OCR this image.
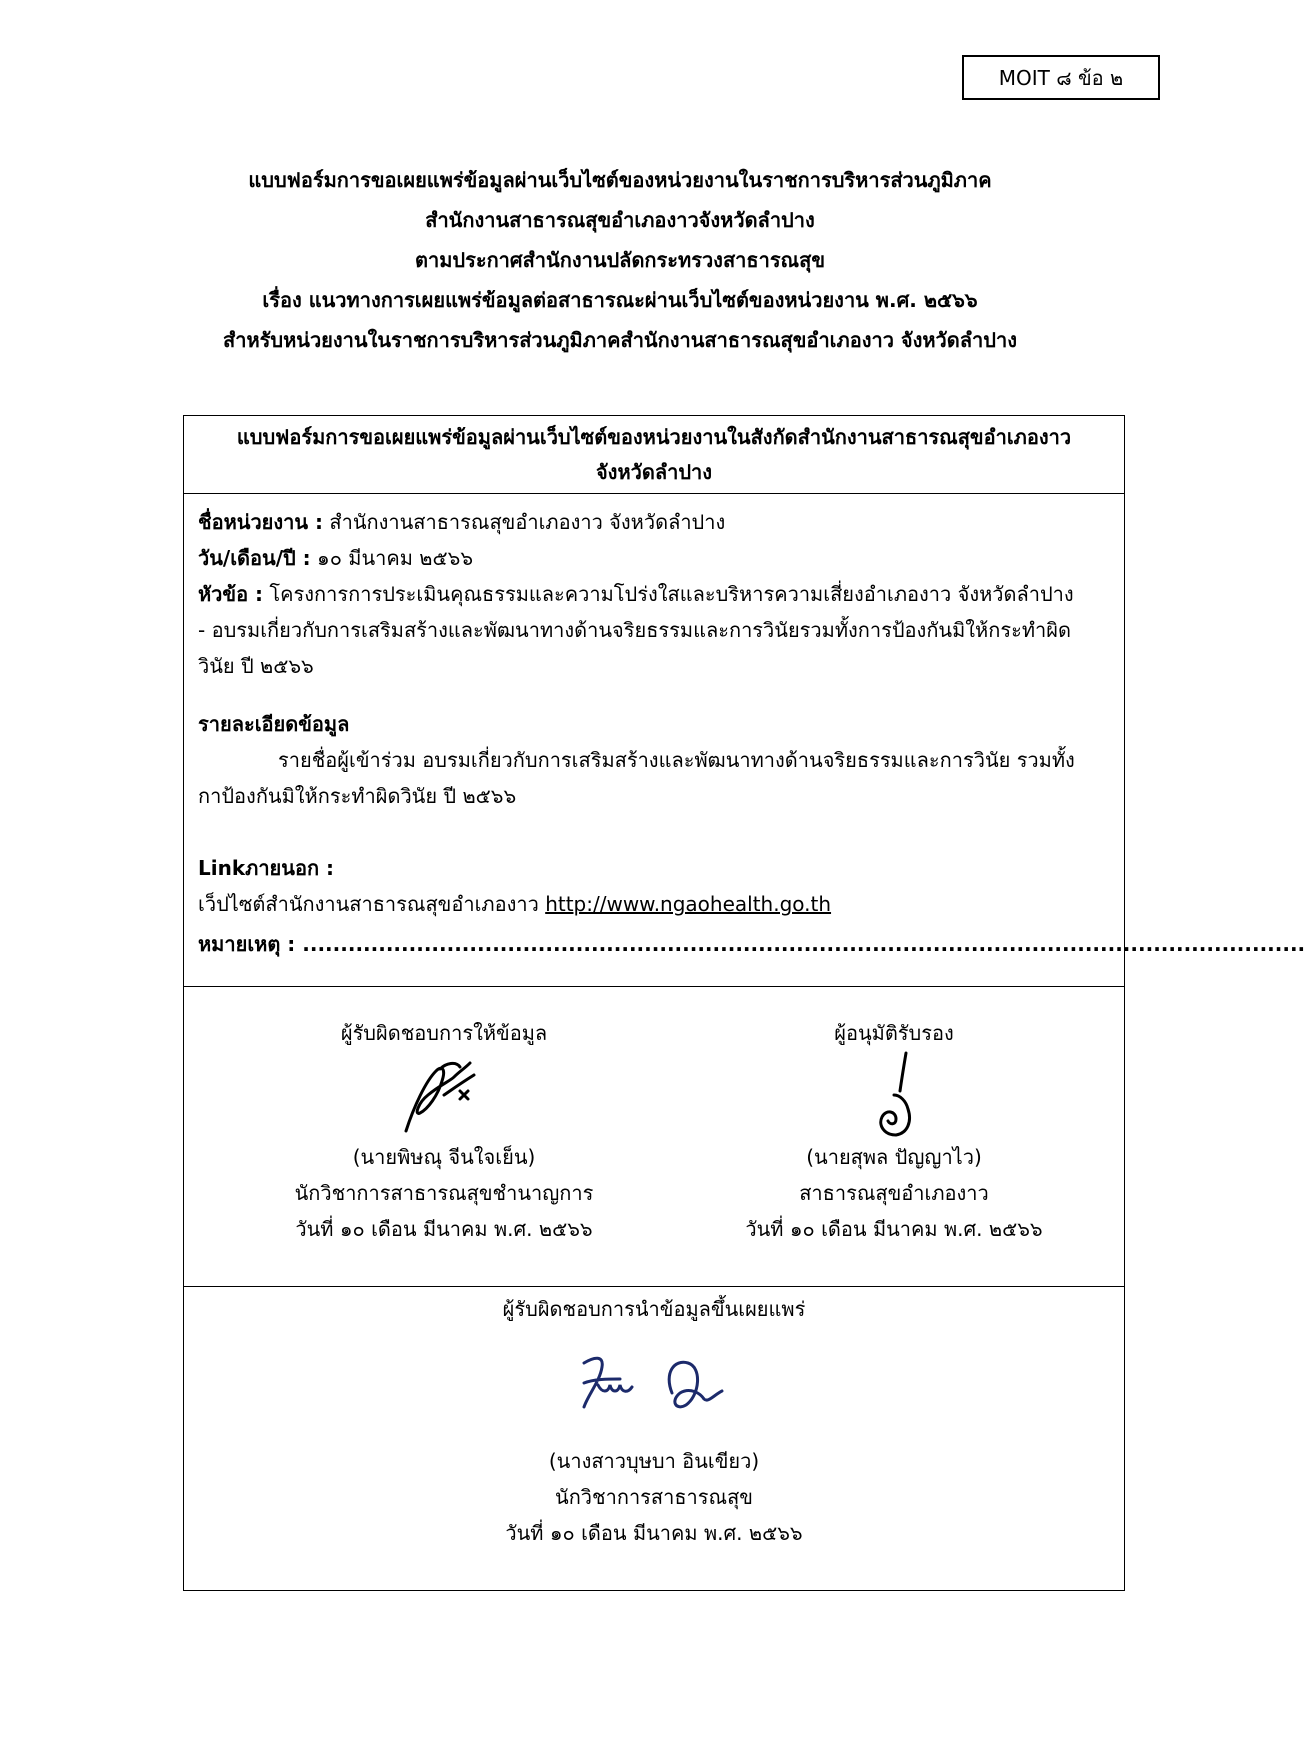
MOIT ๘ ข้อ ๒
แบบฟอร์มการขอเผยแพร่ข้อมูลผ่านเว็บไซต์ของหน่วยงานในราชการบริหารส่วนภูมิภาค
สำนักงานสาธารณสุขอำเภองาวจังหวัดลำปาง
ตามประกาศสำนักงานปลัดกระทรวงสาธารณสุข
เรื่อง แนวทางการเผยแพร่ข้อมูลต่อสาธารณะผ่านเว็บไซต์ของหน่วยงาน พ.ศ. ๒๕๖๖
สำหรับหน่วยงานในราชการบริหารส่วนภูมิภาคสำนักงานสาธารณสุขอำเภองาว จังหวัดลำปาง
แบบฟอร์มการขอเผยแพร่ข้อมูลผ่านเว็บไซต์ของหน่วยงานในสังกัดสำนักงานสาธารณสุขอำเภองาว
จังหวัดลำปาง
ชื่อหน่วยงาน : สำนักงานสาธารณสุขอำเภองาว จังหวัดลำปาง
วัน/เดือน/ปี : ๑๐ มีนาคม ๒๕๖๖
หัวข้อ : โครงการการประเมินคุณธรรมและความโปร่งใสและบริหารความเสี่ยงอำเภองาว จังหวัดลำปาง
- อบรมเกี่ยวกับการเสริมสร้างและพัฒนาทางด้านจริยธรรมและการวินัยรวมทั้งการป้องกันมิให้กระทำผิด
วินัย ปี ๒๕๖๖
รายละเอียดข้อมูล
รายชื่อผู้เข้าร่วม อบรมเกี่ยวกับการเสริมสร้างและพัฒนาทางด้านจริยธรรมและการวินัย รวมทั้ง
กาป้องกันมิให้กระทำผิดวินัย ปี ๒๕๖๖
Linkภายนอก :
เว็ปไซต์สำนักงานสาธารณสุขอำเภองาว http://www.ngaohealth.go.th
หมายเหตุ : ....................................................................................................................................
ผู้รับผิดชอบการให้ข้อมูล
(นายพิษณุ จีนใจเย็น)
นักวิชาการสาธารณสุขชำนาญการ
วันที่ ๑๐ เดือน มีนาคม พ.ศ. ๒๕๖๖
ผู้อนุมัติรับรอง
(นายสุพล ปัญญาไว)
สาธารณสุขอำเภองาว
วันที่ ๑๐ เดือน มีนาคม พ.ศ. ๒๕๖๖
ผู้รับผิดชอบการนำข้อมูลขึ้นเผยแพร่
(นางสาวบุษบา อินเขียว)
นักวิชาการสาธารณสุข
วันที่ ๑๐ เดือน มีนาคม พ.ศ. ๒๕๖๖
